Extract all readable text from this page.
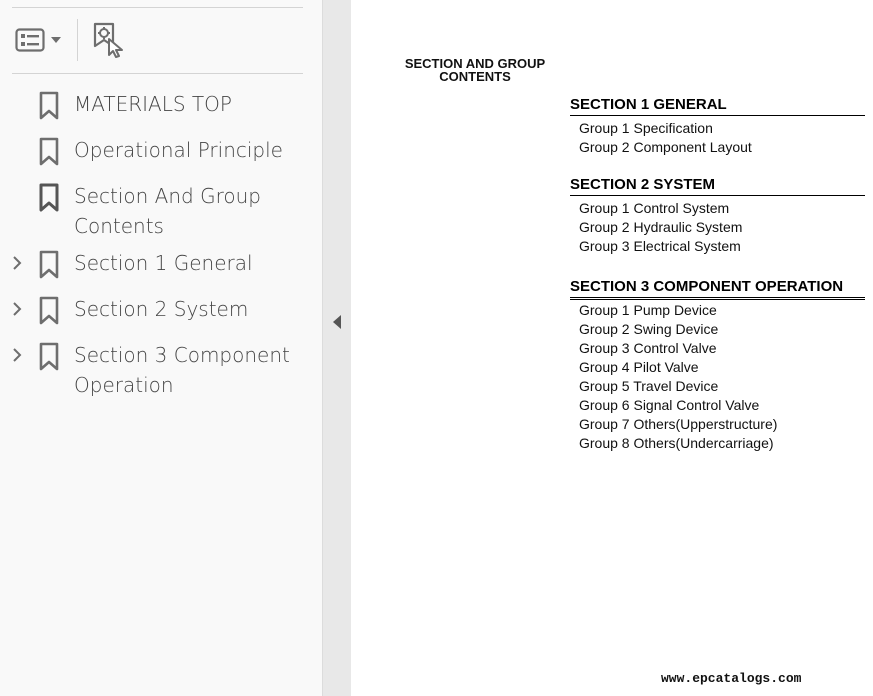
MATERIALS TOP
Operational Principle
Section And Group Contents
Section 1 General
Section 2 System
Section 3 Component Operation
SECTION AND GROUP CONTENTS
SECTION 1 GENERAL
Group 1 Specification
Group 2 Component Layout
SECTION 2 SYSTEM
Group 1 Control System
Group 2 Hydraulic System
Group 3 Electrical System
SECTION 3 COMPONENT OPERATION
Group 1 Pump Device
Group 2 Swing Device
Group 3 Control Valve
Group 4 Pilot Valve
Group 5 Travel Device
Group 6 Signal Control Valve
Group 7 Others(Upperstructure)
Group 8 Others(Undercarriage)
www.epcatalogs.com
